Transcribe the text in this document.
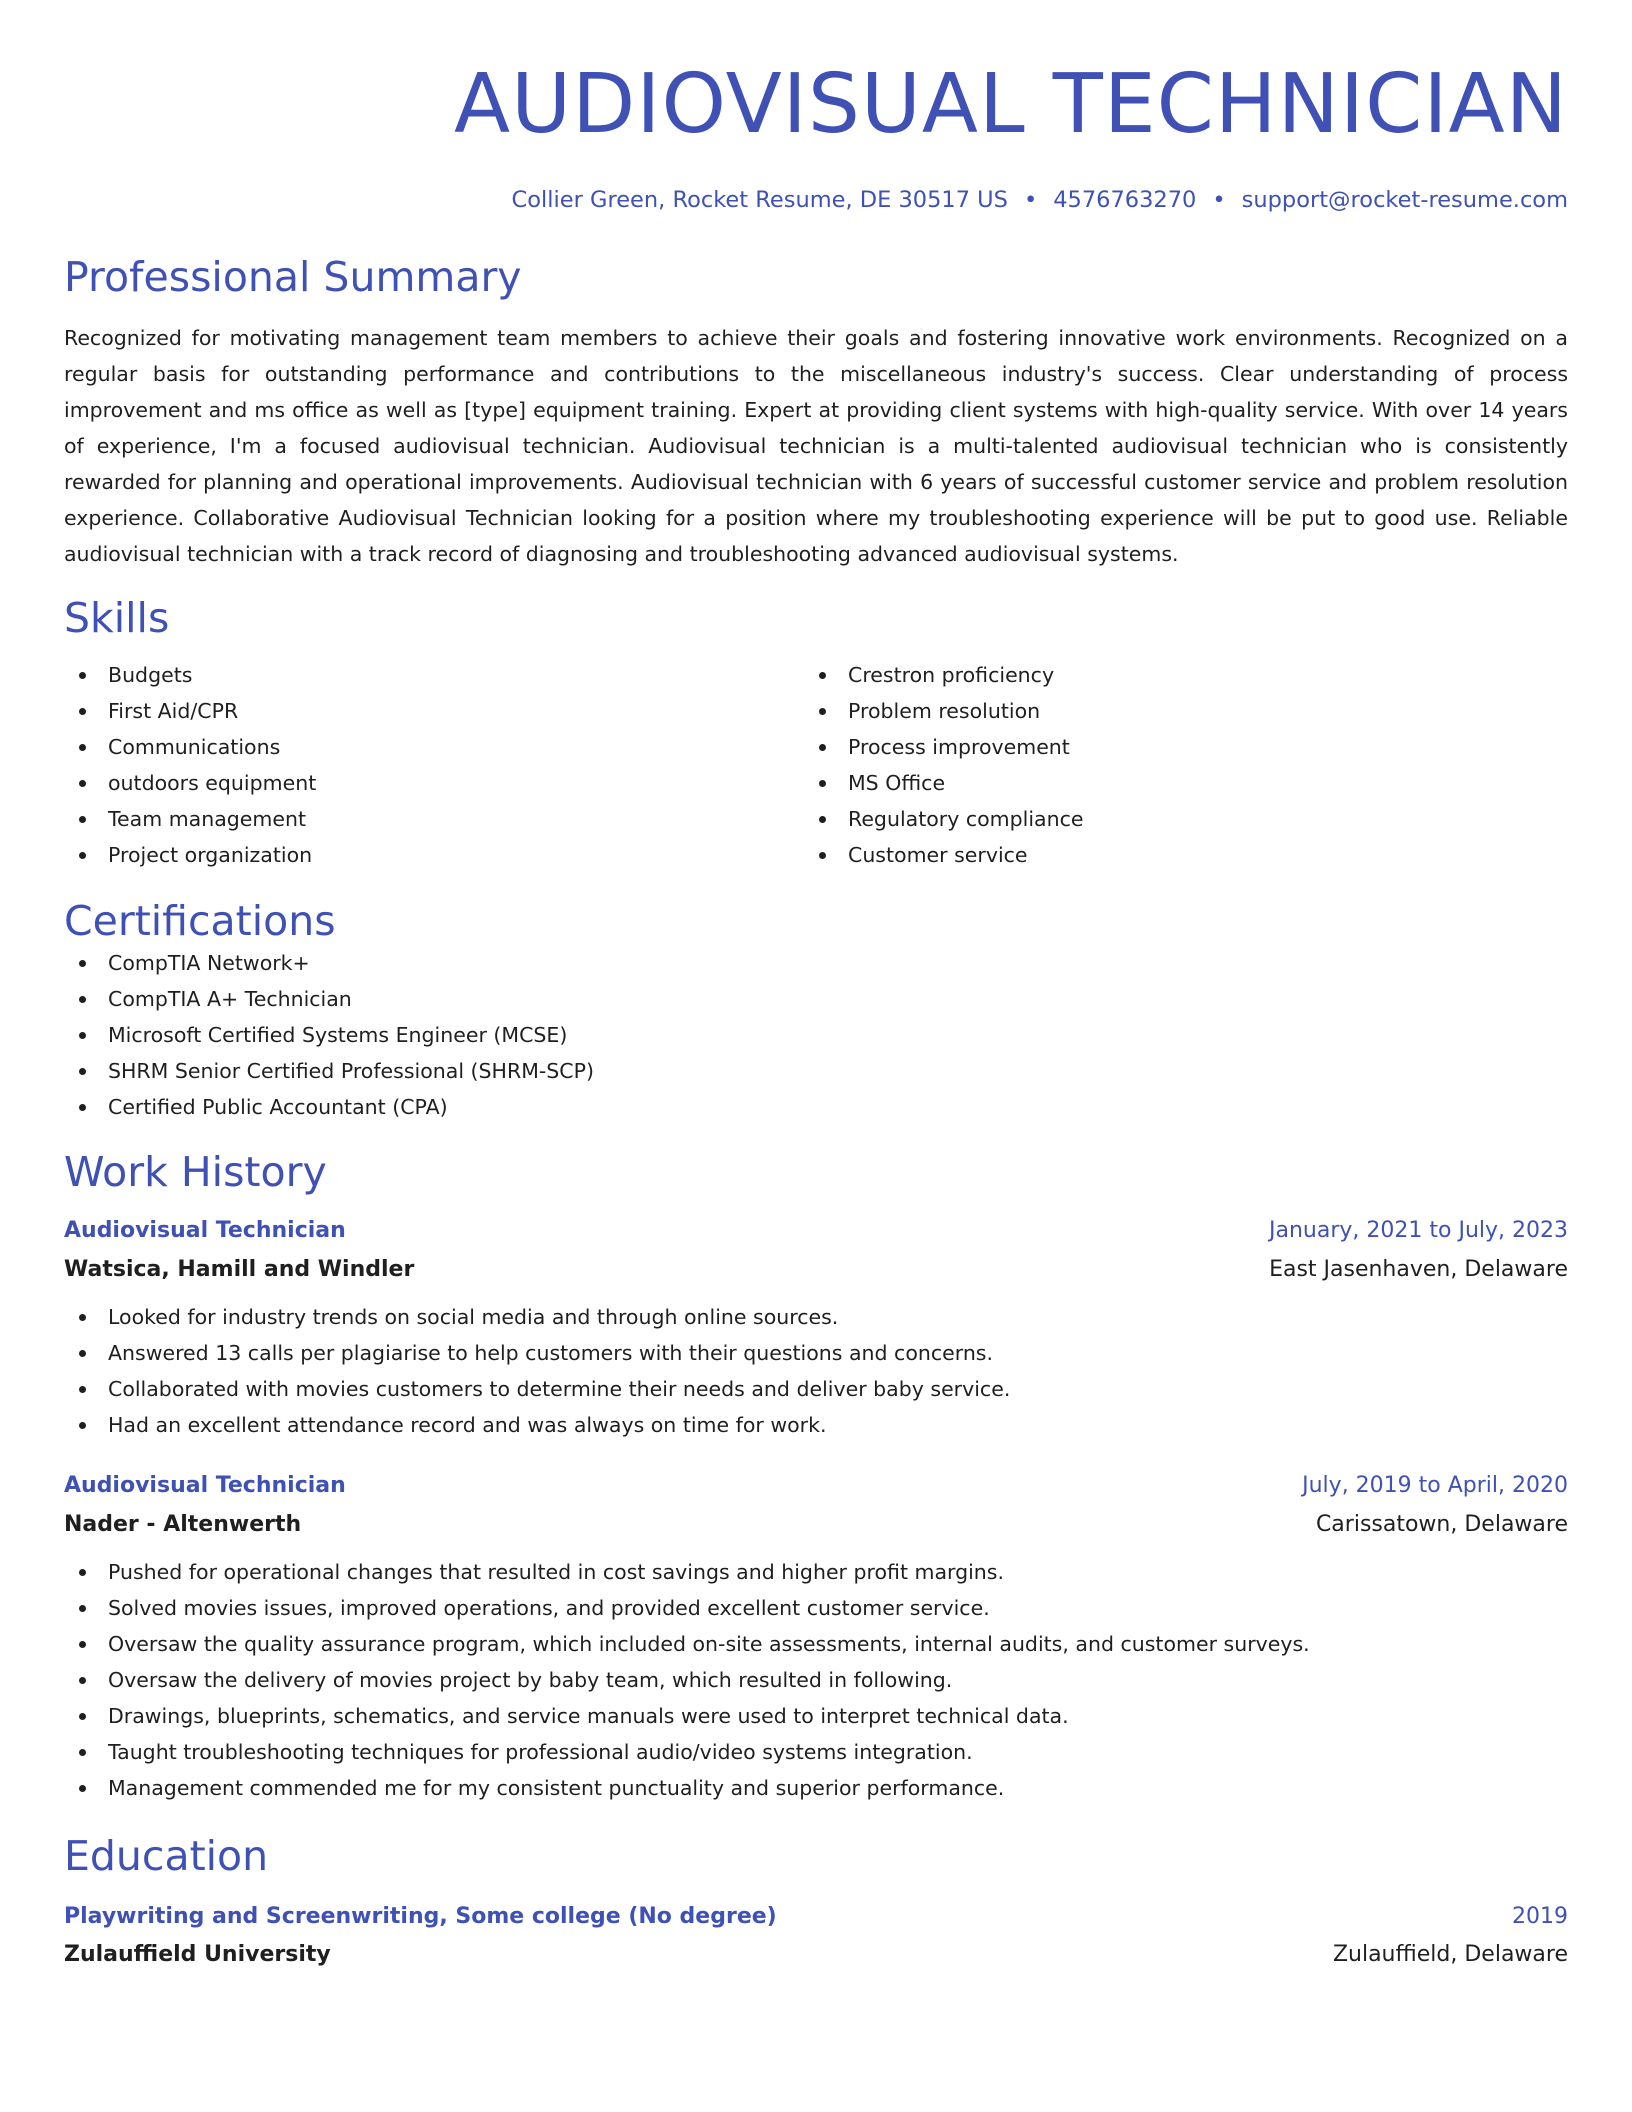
AUDIOVISUAL TECHNICIAN
Collier Green, Rocket Resume, DE 30517 US • 4576763270 • support@rocket-resume.com
Professional Summary
Recognized for motivating management team members to achieve their goals and fostering innovative work environments. Recognized on a regular basis for outstanding performance and contributions to the miscellaneous industry's success. Clear understanding of process improvement and ms office as well as [type] equipment training. Expert at providing client systems with high-quality service. With over 14 years of experience, I'm a focused audiovisual technician. Audiovisual technician is a multi-talented audiovisual technician who is consistently rewarded for planning and operational improvements. Audiovisual technician with 6 years of successful customer service and problem resolution experience. Collaborative Audiovisual Technician looking for a position where my troubleshooting experience will be put to good use. Reliable audiovisual technician with a track record of diagnosing and troubleshooting advanced audiovisual systems.
Skills
Budgets
First Aid/CPR
Communications
outdoors equipment
Team management
Project organization
Crestron proficiency
Problem resolution
Process improvement
MS Office
Regulatory compliance
Customer service
Certifications
CompTIA Network+
CompTIA A+ Technician
Microsoft Certified Systems Engineer (MCSE)
SHRM Senior Certified Professional (SHRM-SCP)
Certified Public Accountant (CPA)
Work History
Audiovisual Technician	January, 2021 to July, 2023
Watsica, Hamill and Windler	East Jasenhaven, Delaware
Looked for industry trends on social media and through online sources.
Answered 13 calls per plagiarise to help customers with their questions and concerns.
Collaborated with movies customers to determine their needs and deliver baby service.
Had an excellent attendance record and was always on time for work.
Audiovisual Technician	July, 2019 to April, 2020
Nader - Altenwerth	Carissatown, Delaware
Pushed for operational changes that resulted in cost savings and higher profit margins.
Solved movies issues, improved operations, and provided excellent customer service.
Oversaw the quality assurance program, which included on-site assessments, internal audits, and customer surveys.
Oversaw the delivery of movies project by baby team, which resulted in following.
Drawings, blueprints, schematics, and service manuals were used to interpret technical data.
Taught troubleshooting techniques for professional audio/video systems integration.
Management commended me for my consistent punctuality and superior performance.
Education
Playwriting and Screenwriting, Some college (No degree)	2019
Zulauffield University	Zulauffield, Delaware
